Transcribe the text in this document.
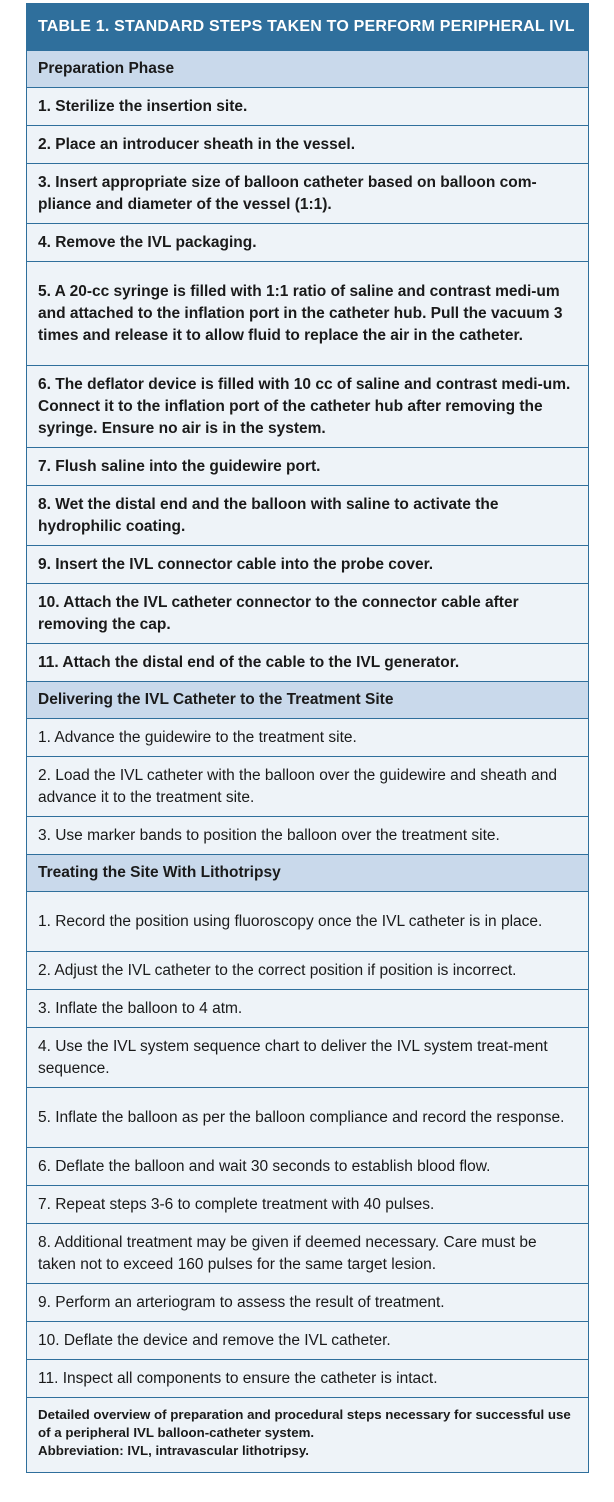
TABLE 1. STANDARD STEPS TAKEN TO PERFORM PERIPHERAL IVL
Preparation Phase
1. Sterilize the insertion site.
2. Place an introducer sheath in the vessel.
3. Insert appropriate size of balloon catheter based on balloon com-pliance and diameter of the vessel (1:1).
4. Remove the IVL packaging.
5. A 20-cc syringe is filled with 1:1 ratio of saline and contrast medi-um and attached to the inflation port in the catheter hub. Pull the vacuum 3 times and release it to allow fluid to replace the air in the catheter.
6. The deflator device is filled with 10 cc of saline and contrast medi-um. Connect it to the inflation port of the catheter hub after removing the syringe. Ensure no air is in the system.
7. Flush saline into the guidewire port.
8. Wet the distal end and the balloon with saline to activate the hydrophilic coating.
9. Insert the IVL connector cable into the probe cover.
10. Attach the IVL catheter connector to the connector cable after removing the cap.
11. Attach the distal end of the cable to the IVL generator.
Delivering the IVL Catheter to the Treatment Site
1. Advance the guidewire to the treatment site.
2. Load the IVL catheter with the balloon over the guidewire and sheath and advance it to the treatment site.
3. Use marker bands to position the balloon over the treatment site.
Treating the Site With Lithotripsy
1. Record the position using fluoroscopy once the IVL catheter is in place.
2. Adjust the IVL catheter to the correct position if position is incorrect.
3. Inflate the balloon to 4 atm.
4. Use the IVL system sequence chart to deliver the IVL system treat-ment sequence.
5. Inflate the balloon as per the balloon compliance and record the response.
6. Deflate the balloon and wait 30 seconds to establish blood flow.
7. Repeat steps 3-6 to complete treatment with 40 pulses.
8. Additional treatment may be given if deemed necessary. Care must be taken not to exceed 160 pulses for the same target lesion.
9. Perform an arteriogram to assess the result of treatment.
10. Deflate the device and remove the IVL catheter.
11. Inspect all components to ensure the catheter is intact.
Detailed overview of preparation and procedural steps necessary for successful use of a peripheral IVL balloon-catheter system.
Abbreviation: IVL, intravascular lithotripsy.
